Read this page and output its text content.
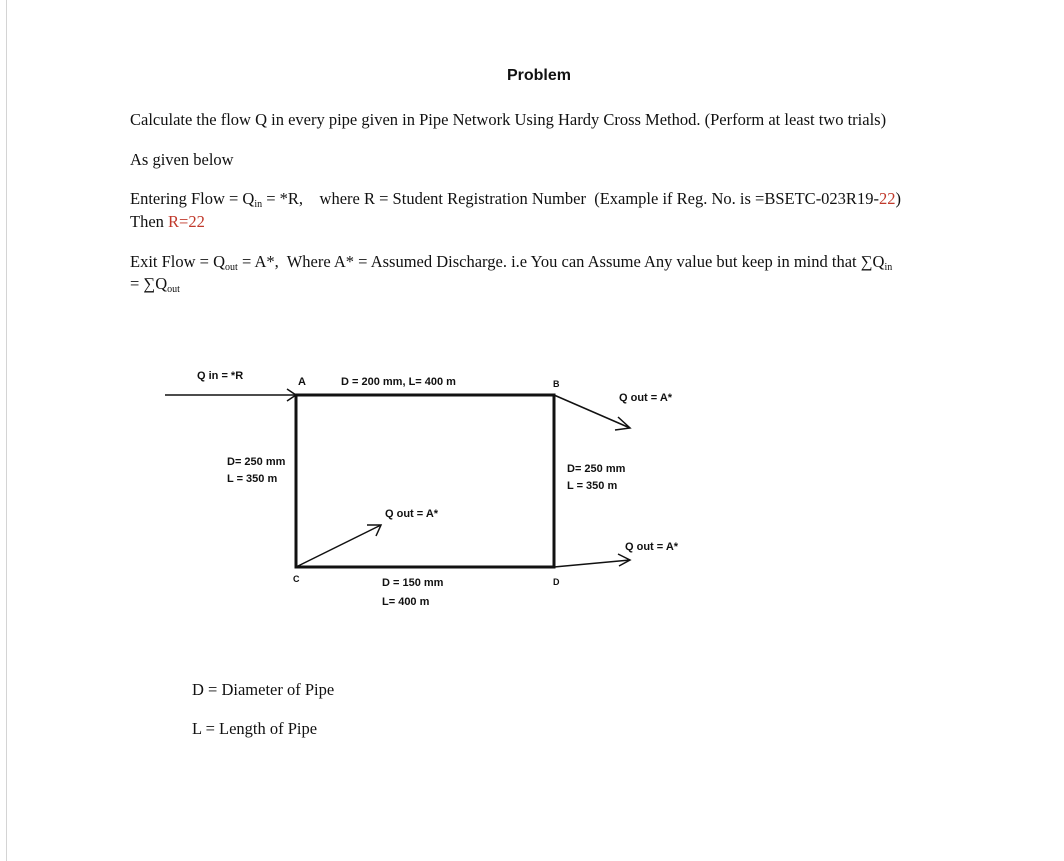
Problem
Calculate the flow Q in every pipe given in Pipe Network Using Hardy Cross Method. (Perform at least two trials)
As given below
Entering Flow = $Q_{in} = *R$,    where R = Student Registration Number  (Example if Reg. No. is =BSETC-023R19-22)
Then R=22
Exit Flow = $Q_{out} = A*$,  Where A* = Assumed Discharge. i.e You can Assume Any value but keep in mind that $\sum Q_{in}$
= $\sum Q_{out}$
A	B
C	D
Q in = *R
Q out = A*
Q out = A*
Q out = A*
D = 200 mm, L= 400 m
D= 250 mm
L = 350 m
D= 250 mm
L = 350 m
D = 150 mm
L= 400 m
D = Diameter of Pipe
L = Length of Pipe
